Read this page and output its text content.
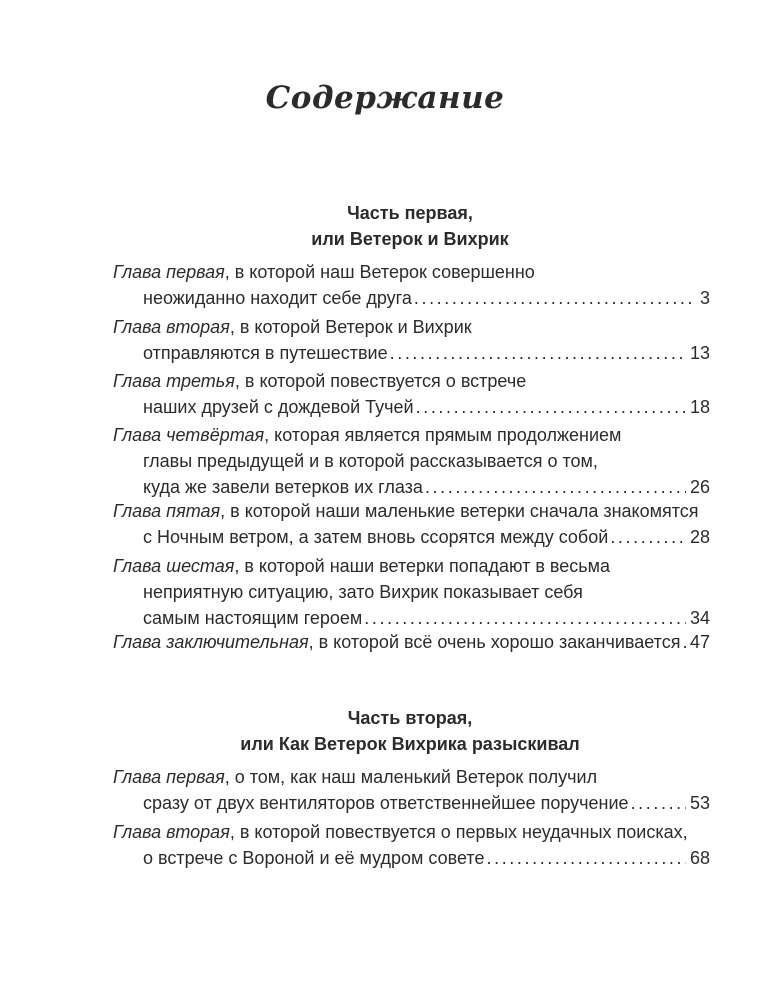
Содержание
Часть первая,
или Ветерок и Вихрик
Глава первая, в которой наш Ветерок совершенно
неожиданно находит себе друга . . .	3
Глава вторая, в которой Ветерок и Вихрик
отправляются в путешествие . . .	13
Глава третья, в которой повествуется о встрече
наших друзей с дождевой Тучей . . .	18
Глава четвёртая, которая является прямым продолжением
главы предыдущей и в которой рассказывается о том,
куда же завели ветерков их глаза . . .	26
Глава пятая, в которой наши маленькие ветерки сначала знакомятся
с Ночным ветром, а затем вновь ссорятся между собой . . .	28
Глава шестая, в которой наши ветерки попадают в весьма
неприятную ситуацию, зато Вихрик показывает себя
самым настоящим героем . . .	34
Глава заключительная , в которой всё очень хорошо заканчивается . . . 47
Часть вторая,
или Как Ветерок Вихрика разыскивал
Глава первая, о том, как наш маленький Ветерок получил
сразу от двух вентиляторов ответственнейшее поручение . . .	53
Глава вторая, в которой повествуется о первых неудачных поисках,
о встрече с Вороной и её мудром совете . . .	68
